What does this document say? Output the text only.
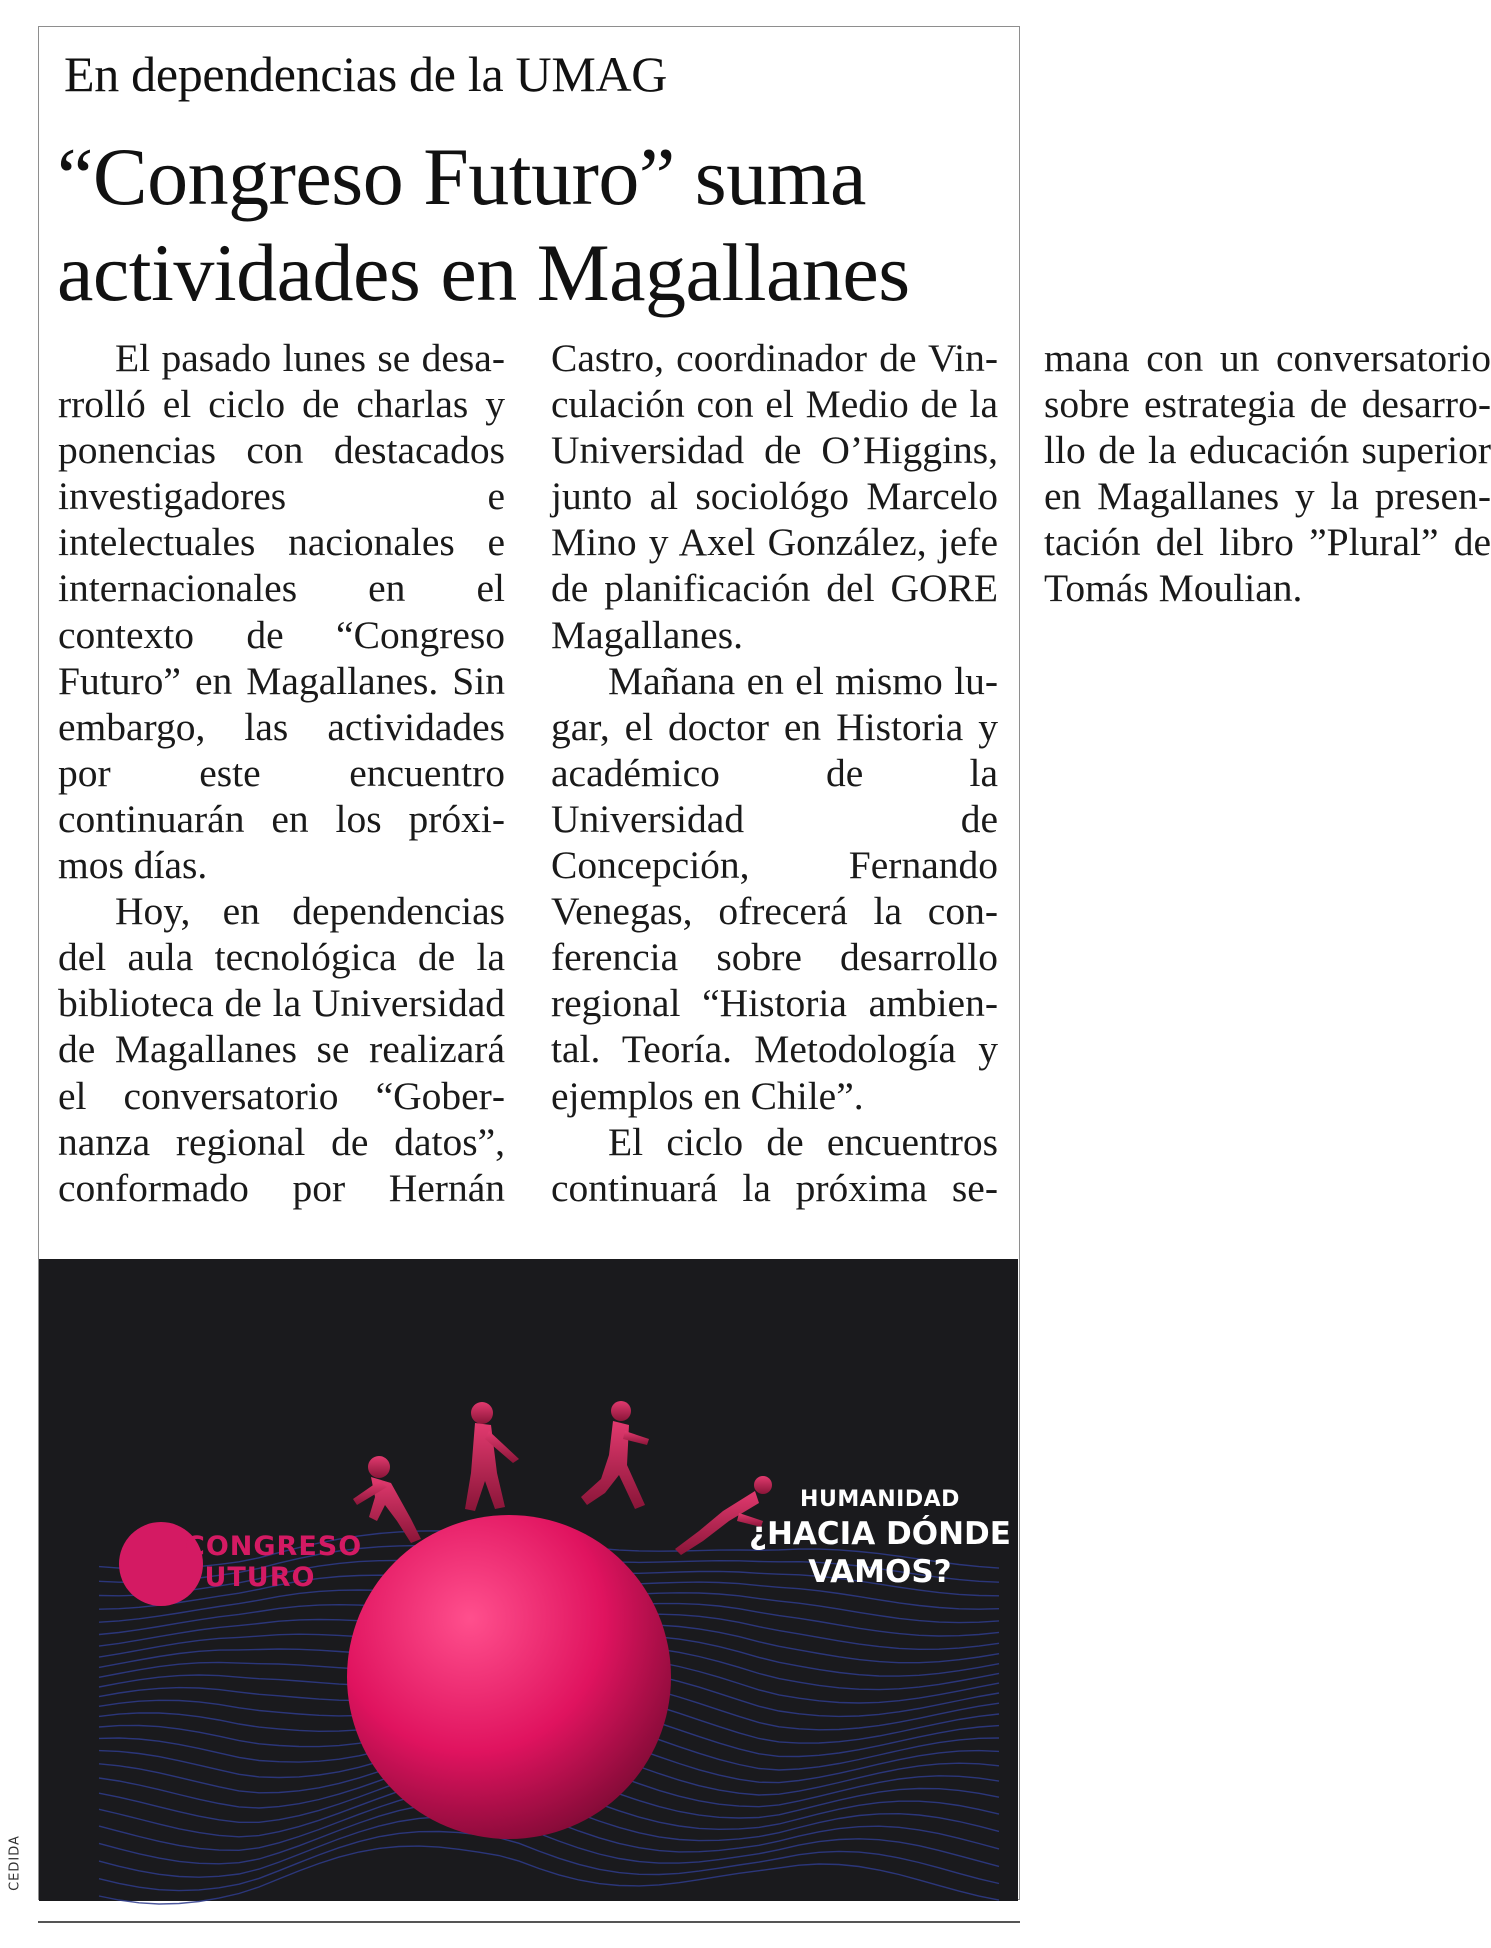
En dependencias de la UMAG
“Congreso Futuro” suma actividades en Magallanes

El pasado lunes se desarrolló el ciclo de charlas y ponencias con destacados investigadores e intelectuales nacionales e internacionales en el contexto de “Congreso Futuro” en Magallanes. Sin embargo, las actividades por este encuentro continuarán en los próximos días.

Hoy, en dependencias del aula tecnológica de la biblioteca de la Universidad de Magallanes se realizará el conversatorio “Gobernanza regional de datos”, conformado por Hernán Castro, coordinador de Vinculación con el Medio de la Universidad de O’Higgins, junto al sociológo Marcelo Mino y Axel González, jefe de planificación del GORE Magallanes.

Mañana en el mismo lugar, el doctor en Historia y académico de la Universidad de Concepción, Fernando Venegas, ofrecerá la conferencia sobre desarrollo regional “Historia ambiental. Teoría. Metodología y ejemplos en Chile”.

El ciclo de encuentros continuará la próxima semana con un conversatorio sobre estrategia de desarrollo de la educación superior en Magallanes y la presentación del libro ”Plural” de Tomás Moulian.

CONGRESO
FUTURO
HUMANIDAD
¿HACIA DÓNDE
VAMOS?
CEDIDA
